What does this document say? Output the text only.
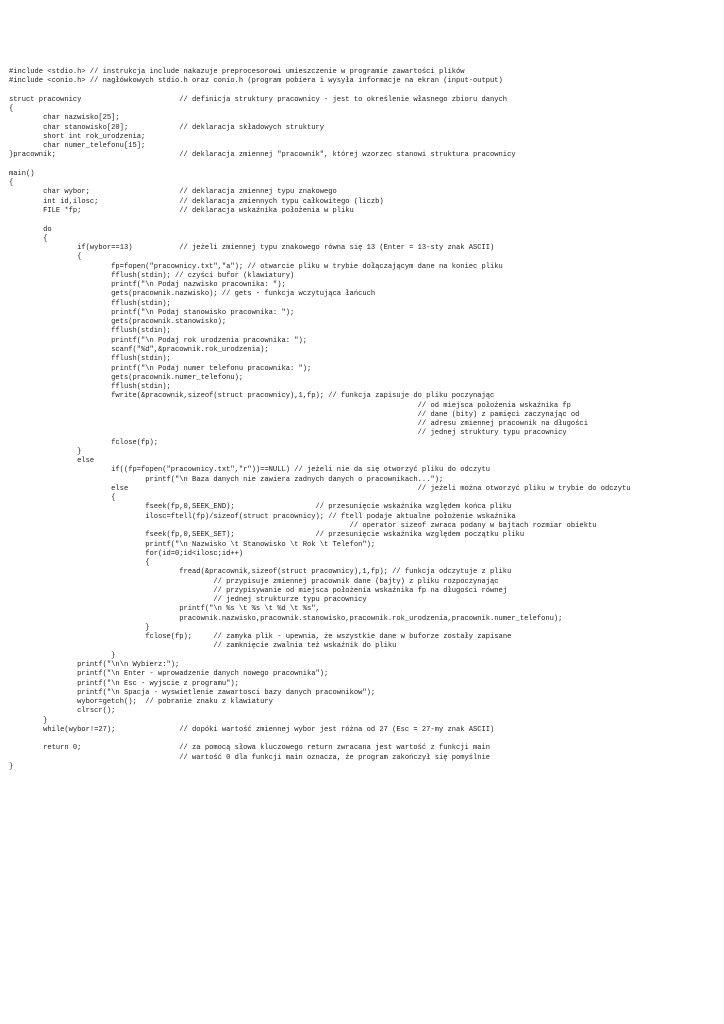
#include <stdio.h> // instrukcja include nakazuje preprocesorowi umieszczenie w programie zawartości plików
#include <conio.h> // nagłówkowych stdio.h oraz conio.h (program pobiera i wysyła informacje na ekran (input-output)
struct pracownicy			// definicja struktury pracownicy - jest to określenie własnego zbioru danych
{
	char nazwisko[25];
	char stanowisko[20];		// deklaracja składowych struktury
	short int rok_urodzenia;
	char numer_telefonu[15];
}pracownik;				// deklaracja zmiennej "pracownik", której wzorzec stanowi struktura pracownicy
main()
{
	char wybor;			// deklaracja zmiennej typu znakowego
	int id,ilosc;			// deklaracja zmiennych typu całkowitego (liczb)
	FILE *fp;			// deklaracja wskaźnika położenia w pliku
	do
	{
		if(wybor==13)		// jeżeli zmiennej typu znakowego równa się 13 (Enter = 13-sty znak ASCII)
		{
			fp=fopen("pracownicy.txt","a"); // otwarcie pliku w trybie dołączającym dane na koniec pliku
			fflush(stdin); // czyści bufor (klawiatury)
			printf("\n Podaj nazwisko pracownika: ");
			gets(pracownik.nazwisko); // gets - funkcja wczytująca łańcuch
			fflush(stdin);
			printf("\n Podaj stanowisko pracownika: ");
			gets(pracownik.stanowisko);
			fflush(stdin);
			printf("\n Podaj rok urodzenia pracownika: ");
			scanf("%d",&pracownik.rok_urodzenia);
			fflush(stdin);
			printf("\n Podaj numer telefonu pracownika: ");
			gets(pracownik.numer_telefonu);
			fflush(stdin);
			fwrite(&pracownik,sizeof(struct pracownicy),1,fp); // funkcja zapisuje do pliku poczynając
												// od miejsca położenia wskaźnika fp
												// dane (bity) z pamięci zaczynając od
												// adresu zmiennej pracownik na długości
												// jednej struktury typu pracownicy
			fclose(fp);
		}
		else
			if((fp=fopen("pracownicy.txt","r"))==NULL) // jeżeli nie da się otworzyć pliku do odczytu
				printf("\n Baza danych nie zawiera zadnych danych o pracownikach...");
			else									// jeżeli można otworzyć pliku w trybie do odczytu
			{
				fseek(fp,0,SEEK_END);			// przesunięcie wskaźnika względem końca pliku
				ilosc=ftell(fp)/sizeof(struct pracownicy); // ftell podaje aktualne położenie wskaźnika
										// operator sizeof zwraca podany w bajtach rozmiar obiektu
				fseek(fp,0,SEEK_SET);			// przesunięcie wskaźnika względem początku pliku
				printf("\n Nazwisko \t Stanowisko \t Rok \t Telefon");
				for(id=0;id<ilosc;id++)
				{
					fread(&pracownik,sizeof(struct pracownicy),1,fp); // funkcja odczytuje z pliku
						// przypisuje zmiennej pracownik dane (bajty) z pliku rozpoczynając
						// przypisywanie od miejsca położenia wskaźnika fp na długości równej
						// jednej strukturze typu pracownicy
					printf("\n %s \t %s \t %d \t %s",
					pracownik.nazwisko,pracownik.stanowisko,pracownik.rok_urodzenia,pracownik.numer_telefonu);
				}
				fclose(fp);	// zamyka plik - upewnia, że wszystkie dane w buforze zostały zapisane
						// zamknięcie zwalnia też wskaźnik do pliku
			}
		printf("\n\n Wybierz:");
		printf("\n Enter - wprowadzenie danych nowego pracownika");
		printf("\n Esc - wyjscie z programu");
		printf("\n Spacja - wyswietlenie zawartosci bazy danych pracownikow");
		wybor=getch();	// pobranie znaku z klawiatury
		clrscr();
	}
	while(wybor!=27);		// dopóki wartość zmiennej wybor jest różna od 27 (Esc = 27-my znak ASCII)
	return 0;			// za pomocą słowa kluczowego return zwracana jest wartość z funkcji main
					// wartość 0 dla funkcji main oznacza, że program zakończył się pomyślnie
}
